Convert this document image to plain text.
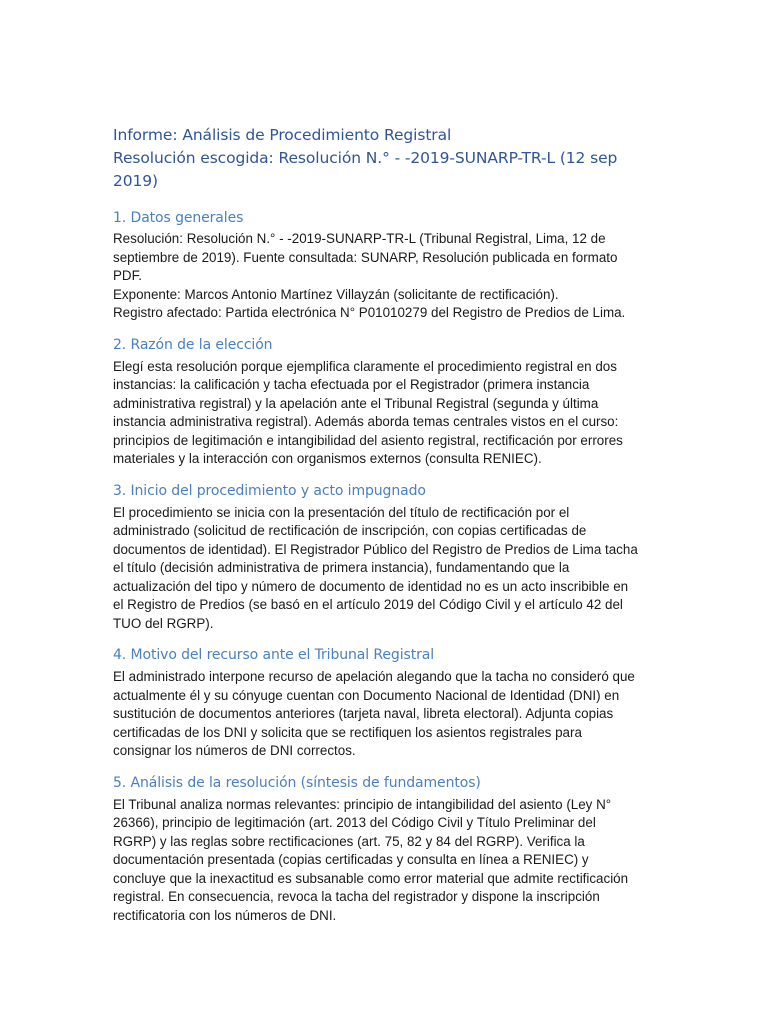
Informe: Análisis de Procedimiento Registral
Resolución escogida: Resolución N.° - -2019-SUNARP-TR-L (12 sep 2019)
1. Datos generales

Resolución: Resolución N.° - -2019-SUNARP-TR-L (Tribunal Registral, Lima, 12 de
septiembre de 2019). Fuente consultada: SUNARP, Resolución publicada en formato
PDF.
Exponente: Marcos Antonio Martínez Villayzán (solicitante de rectificación).
Registro afectado: Partida electrónica N° P01010279 del Registro de Predios de Lima.

2. Razón de la elección

Elegí esta resolución porque ejemplifica claramente el procedimiento registral en dos
instancias: la calificación y tacha efectuada por el Registrador (primera instancia
administrativa registral) y la apelación ante el Tribunal Registral (segunda y última
instancia administrativa registral). Además aborda temas centrales vistos en el curso:
principios de legitimación e intangibilidad del asiento registral, rectificación por errores
materiales y la interacción con organismos externos (consulta RENIEC).

3. Inicio del procedimiento y acto impugnado

El procedimiento se inicia con la presentación del título de rectificación por el
administrado (solicitud de rectificación de inscripción, con copias certificadas de
documentos de identidad). El Registrador Público del Registro de Predios de Lima tacha
el título (decisión administrativa de primera instancia), fundamentando que la
actualización del tipo y número de documento de identidad no es un acto inscribible en
el Registro de Predios (se basó en el artículo 2019 del Código Civil y el artículo 42 del
TUO del RGRP).

4. Motivo del recurso ante el Tribunal Registral

El administrado interpone recurso de apelación alegando que la tacha no consideró que
actualmente él y su cónyuge cuentan con Documento Nacional de Identidad (DNI) en
sustitución de documentos anteriores (tarjeta naval, libreta electoral). Adjunta copias
certificadas de los DNI y solicita que se rectifiquen los asientos registrales para
consignar los números de DNI correctos.

5. Análisis de la resolución (síntesis de fundamentos)

El Tribunal analiza normas relevantes: principio de intangibilidad del asiento (Ley N°
26366), principio de legitimación (art. 2013 del Código Civil y Título Preliminar del
RGRP) y las reglas sobre rectificaciones (art. 75, 82 y 84 del RGRP). Verifica la
documentación presentada (copias certificadas y consulta en línea a RENIEC) y
concluye que la inexactitud es subsanable como error material que admite rectificación
registral. En consecuencia, revoca la tacha del registrador y dispone la inscripción
rectificatoria con los números de DNI.
